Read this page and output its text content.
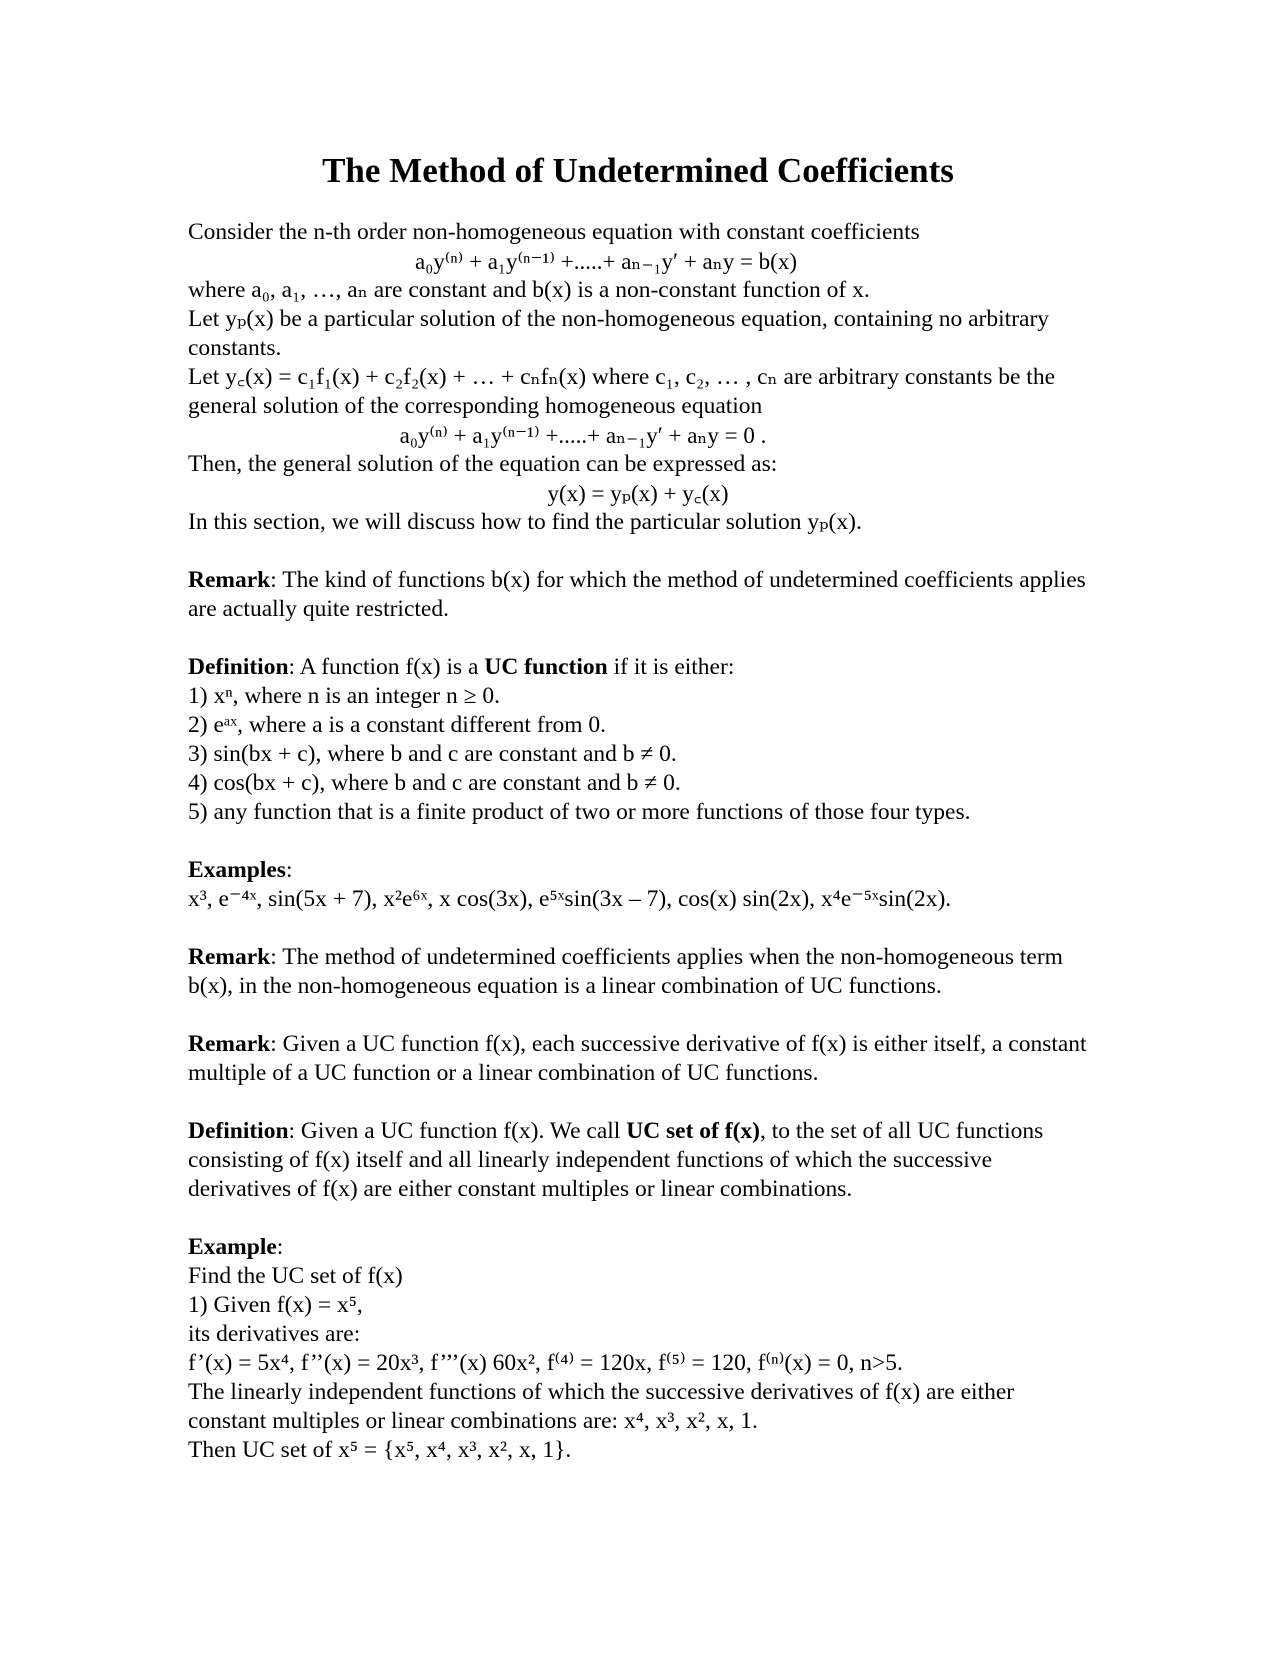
The Method of Undetermined Coefficients

Consider the n-th order non-homogeneous equation with constant coefficients

a₀y⁽ⁿ⁾ + a₁y⁽ⁿ⁻¹⁾ +.....+ aₙ₋₁y′ + aₙy = b(x)

where a₀, a₁, …, aₙ are constant and b(x) is a non-constant function of x.

Let yₚ(x) be a particular solution of the non-homogeneous equation, containing no arbitrary constants.

Let y꜀(x) = c₁f₁(x) + c₂f₂(x) + … + cₙfₙ(x) where c₁, c₂, … , cₙ are arbitrary constants be the general solution of the corresponding homogeneous equation

a₀y⁽ⁿ⁾ + a₁y⁽ⁿ⁻¹⁾ +.....+ aₙ₋₁y′ + aₙy = 0 .

Then, the general solution of the equation can be expressed as:

y(x) = yₚ(x) + y꜀(x)

In this section, we will discuss how to find the particular solution yₚ(x).

Remark: The kind of functions b(x) for which the method of undetermined coefficients applies are actually quite restricted.

Definition: A function f(x) is a UC function if it is either:

1) xⁿ, where n is an integer n ≥ 0.

2) eᵃˣ, where a is a constant different from 0.

3) sin(bx + c), where b and c are constant and b ≠ 0.

4) cos(bx + c), where b and c are constant and b ≠ 0.

5) any function that is a finite product of two or more functions of those four types.

Examples:

x³, e⁻⁴ˣ, sin(5x + 7), x²e⁶ˣ, x cos(3x), e⁵ˣsin(3x – 7), cos(x) sin(2x), x⁴e⁻⁵ˣsin(2x).

Remark: The method of undetermined coefficients applies when the non-homogeneous term b(x), in the non-homogeneous equation is a linear combination of UC functions.

Remark: Given a UC function f(x), each successive derivative of f(x) is either itself, a constant multiple of a UC function or a linear combination of UC functions.

Definition: Given a UC function f(x). We call UC set of f(x), to the set of all UC functions consisting of f(x) itself and all linearly independent functions of which the successive derivatives of f(x) are either constant multiples or linear combinations.

Example:

Find the UC set of f(x)

1) Given f(x) = x⁵,

its derivatives are:

f’(x) = 5x⁴, f’’(x) = 20x³, f’’’(x) 60x², f⁽⁴⁾ = 120x, f⁽⁵⁾ = 120, f⁽ⁿ⁾(x) = 0, n>5.

The linearly independent functions of which the successive derivatives of f(x) are either constant multiples or linear combinations are: x⁴, x³, x², x, 1.

Then UC set of x⁵ = {x⁵, x⁴, x³, x², x, 1}.
